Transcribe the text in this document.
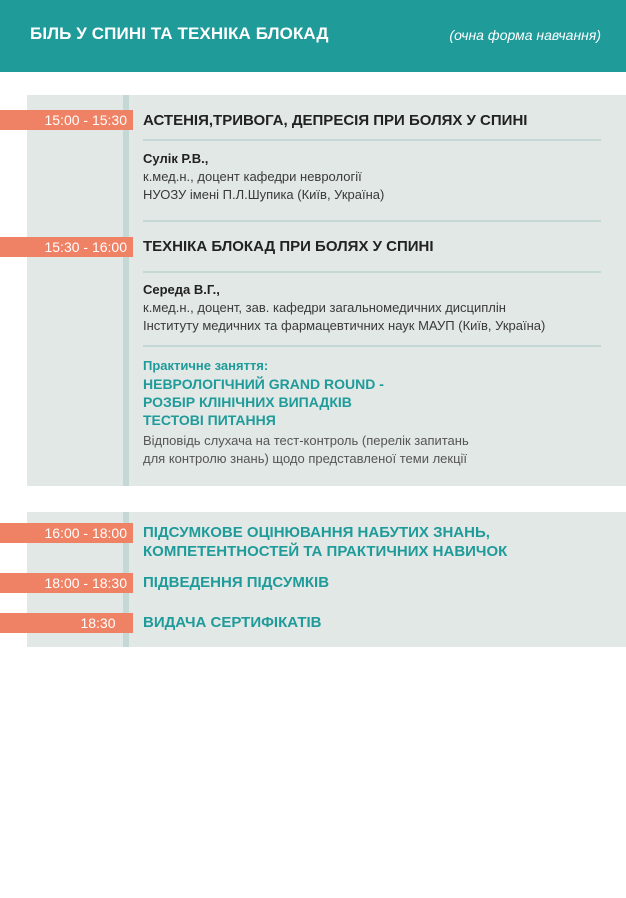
БІЛЬ У СПИНІ ТА ТЕХНІКА БЛОКАД	(очна форма навчання)
15:00 - 15:30	АСТЕНІЯ,ТРИВОГА, ДЕПРЕСІЯ ПРИ БОЛЯХ У СПИНІ
Сулік Р.В.,
к.мед.н., доцент кафедри неврології
НУОЗУ імені П.Л.Шупика (Київ, Україна)
15:30 - 16:00	ТЕХНІКА БЛОКАД ПРИ БОЛЯХ У СПИНІ
Середа В.Г.,
к.мед.н., доцент, зав. кафедри загальномедичних дисциплін
Інституту медичних та фармацевтичних наук МАУП (Київ, Україна)
Практичне заняття:
НЕВРОЛОГІЧНИЙ GRAND ROUND -
РОЗБІР КЛІНІЧНИХ ВИПАДКІВ
ТЕСТОВІ ПИТАННЯ
Відповідь слухача на тест-контроль (перелік запитань
для контролю знань) щодо представленої теми лекції
16:00 - 18:00	ПІДСУМКОВЕ ОЦІНЮВАННЯ НАБУТИХ ЗНАНЬ,
КОМПЕТЕНТНОСТЕЙ ТА ПРАКТИЧНИХ НАВИЧОК
18:00 - 18:30	ПІДВЕДЕННЯ ПІДСУМКІВ
18:30	ВИДАЧА СЕРТИФІКАТІВ
